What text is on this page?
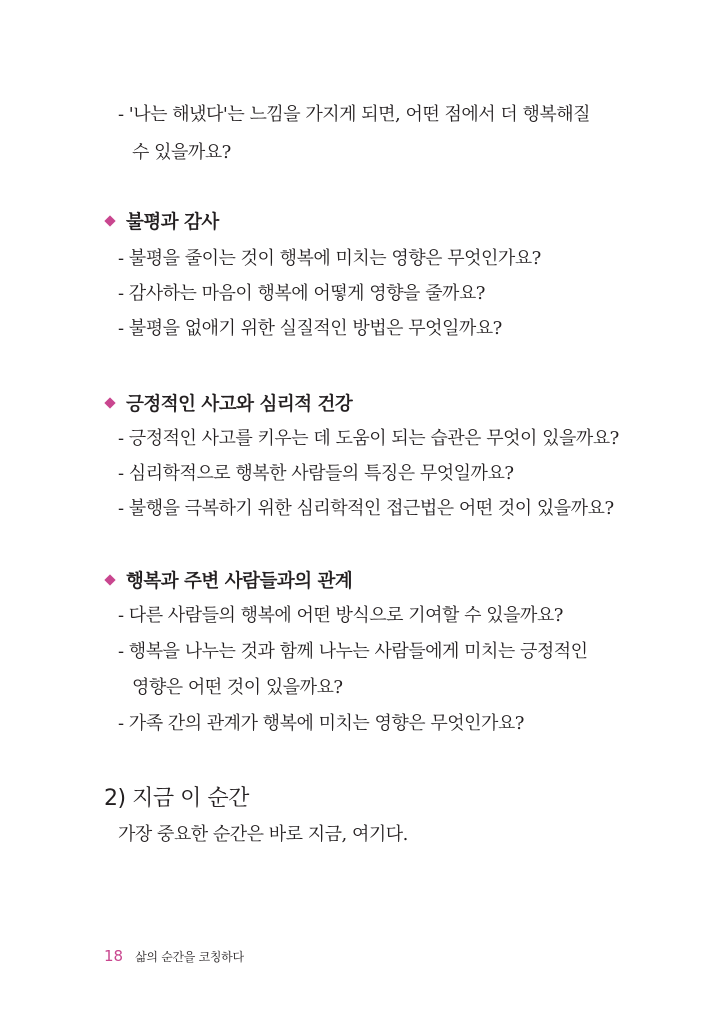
- '나는 해냈다'는 느낌을 가지게 되면, 어떤 점에서 더 행복해질
수 있을까요?
불평과 감사
- 불평을 줄이는 것이 행복에 미치는 영향은 무엇인가요?
- 감사하는 마음이 행복에 어떻게 영향을 줄까요?
- 불평을 없애기 위한 실질적인 방법은 무엇일까요?
긍정적인 사고와 심리적 건강
- 긍정적인 사고를 키우는 데 도움이 되는 습관은 무엇이 있을까요?
- 심리학적으로 행복한 사람들의 특징은 무엇일까요?
- 불행을 극복하기 위한 심리학적인 접근법은 어떤 것이 있을까요?
행복과 주변 사람들과의 관계
- 다른 사람들의 행복에 어떤 방식으로 기여할 수 있을까요?
- 행복을 나누는 것과 함께 나누는 사람들에게 미치는 긍정적인
영향은 어떤 것이 있을까요?
- 가족 간의 관계가 행복에 미치는 영향은 무엇인가요?
2) 지금 이 순간
가장 중요한 순간은 바로 지금, 여기다.
18 삶의 순간을 코칭하다
